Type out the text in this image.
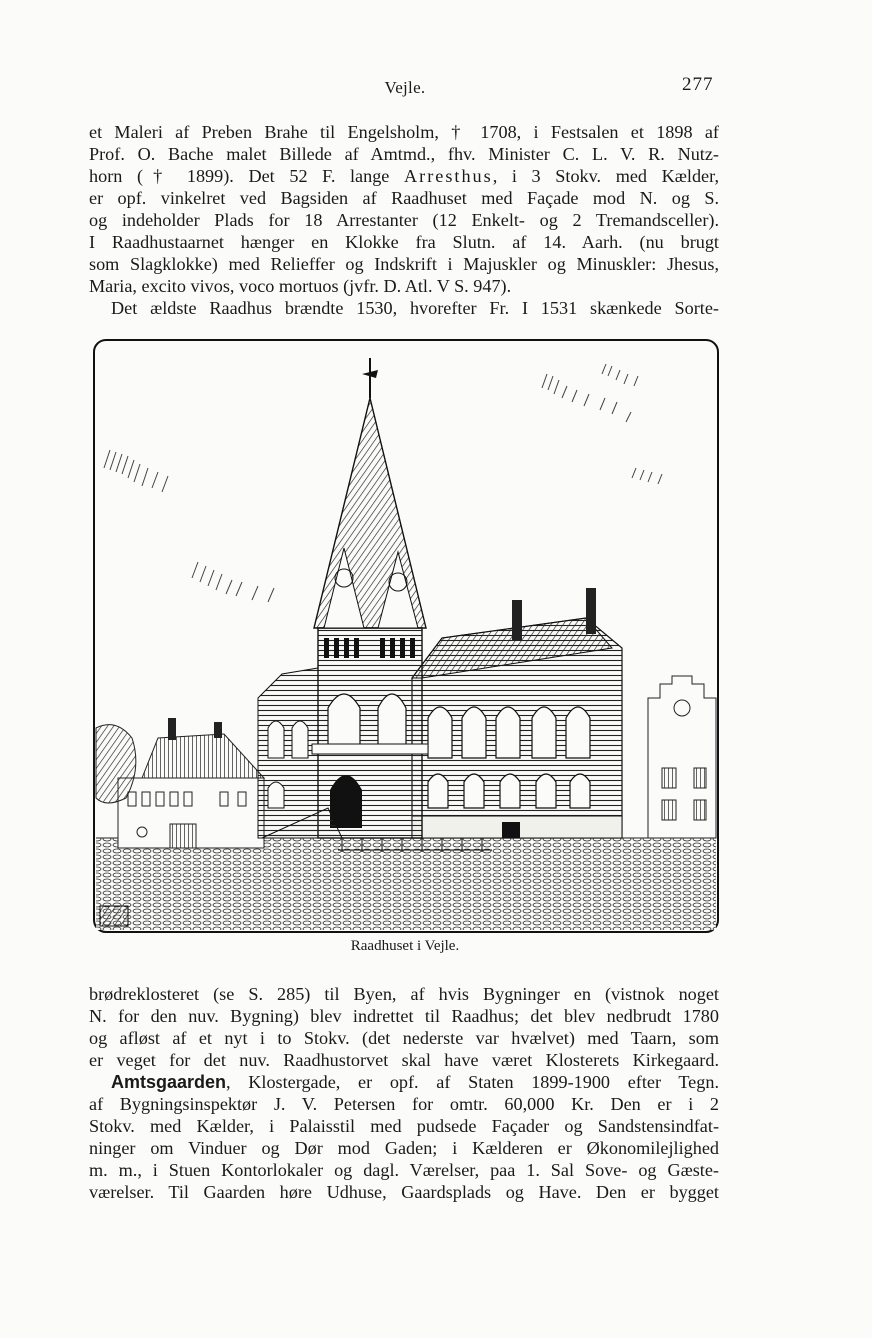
Vejle.	277
et Maleri af Preben Brahe til Engelsholm, † 1708, i Festsalen et 1898 af
Prof. O. Bache malet Billede af Amtmd., fhv. Minister C. L. V. R. Nutz-
horn († 1899). Det 52 F. lange Arresthus, i 3 Stokv. med Kælder,
er opf. vinkelret ved Bagsiden af Raadhuset med Façade mod N. og S.
og indeholder Plads for 18 Arrestanter (12 Enkelt- og 2 Tremandsceller).
I Raadhustaarnet hænger en Klokke fra Slutn. af 14. Aarh. (nu brugt
som Slagklokke) med Relieffer og Indskrift i Majuskler og Minuskler: Jhesus,
Maria, excito vivos, voco mortuos (jvfr. D. Atl. V S. 947).
Det ældste Raadhus brændte 1530, hvorefter Fr. I 1531 skænkede Sorte-
Raadhuset i Vejle.
brødreklosteret (se S. 285) til Byen, af hvis Bygninger en (vistnok noget
N. for den nuv. Bygning) blev indrettet til Raadhus; det blev nedbrudt 1780
og afløst af et nyt i to Stokv. (det nederste var hvælvet) med Taarn, som
er veget for det nuv. Raadhustorvet skal have været Klosterets Kirkegaard.
Amtsgaarden, Klostergade, er opf. af Staten 1899-1900 efter Tegn.
af Bygningsinspektør J. V. Petersen for omtr. 60,000 Kr. Den er i 2
Stokv. med Kælder, i Palaisstil med pudsede Façader og Sandstensindfat-
ninger om Vinduer og Dør mod Gaden; i Kælderen er Økonomilejlighed
m. m., i Stuen Kontorlokaler og dagl. Værelser, paa 1. Sal Sove- og Gæste-
værelser. Til Gaarden høre Udhuse, Gaardsplads og Have. Den er bygget
